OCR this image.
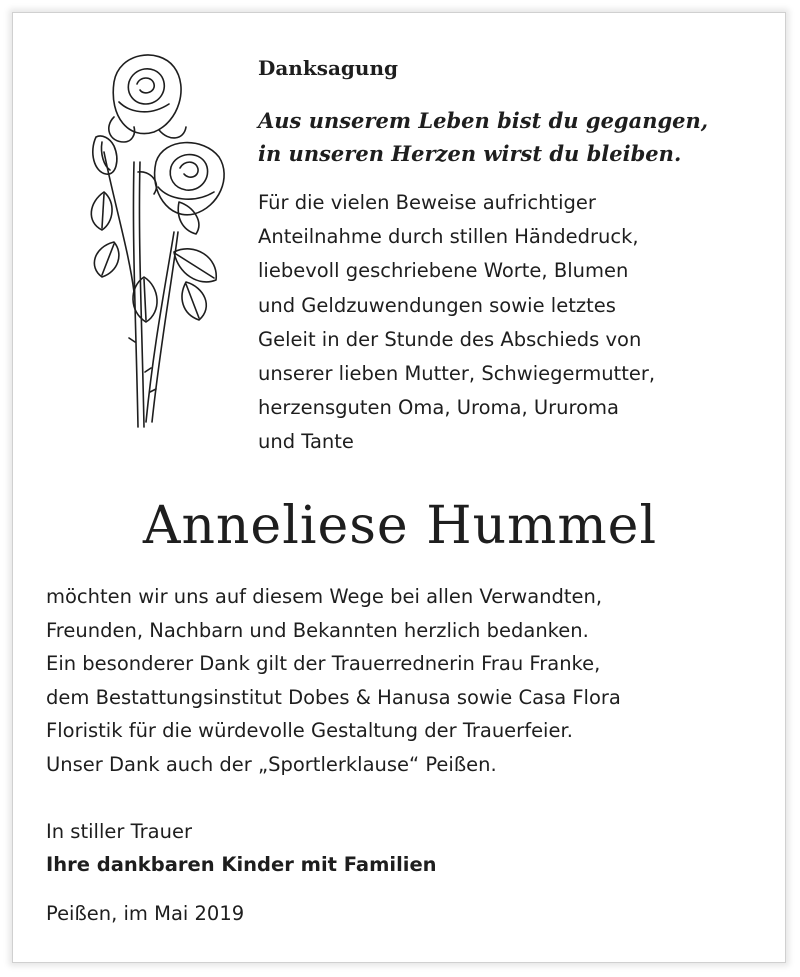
Danksagung

Aus unserem Leben bist du gegangen,
in unseren Herzen wirst du bleiben.

Für die vielen Beweise aufrichtiger
Anteilnahme durch stillen Händedruck,
liebevoll geschriebene Worte, Blumen
und Geldzuwendungen sowie letztes
Geleit in der Stunde des Abschieds von
unserer lieben Mutter, Schwiegermutter,
herzensguten Oma, Uroma, Ururoma
und Tante

Anneliese Hummel

möchten wir uns auf diesem Wege bei allen Verwandten,
Freunden, Nachbarn und Bekannten herzlich bedanken.
Ein besonderer Dank gilt der Trauerrednerin Frau Franke,
dem Bestattungsinstitut Dobes & Hanusa sowie Casa Flora
Floristik für die würdevolle Gestaltung der Trauerfeier.
Unser Dank auch der „Sportlerklause“ Peißen.

In stiller Trauer

Ihre dankbaren Kinder mit Familien

Peißen, im Mai 2019
